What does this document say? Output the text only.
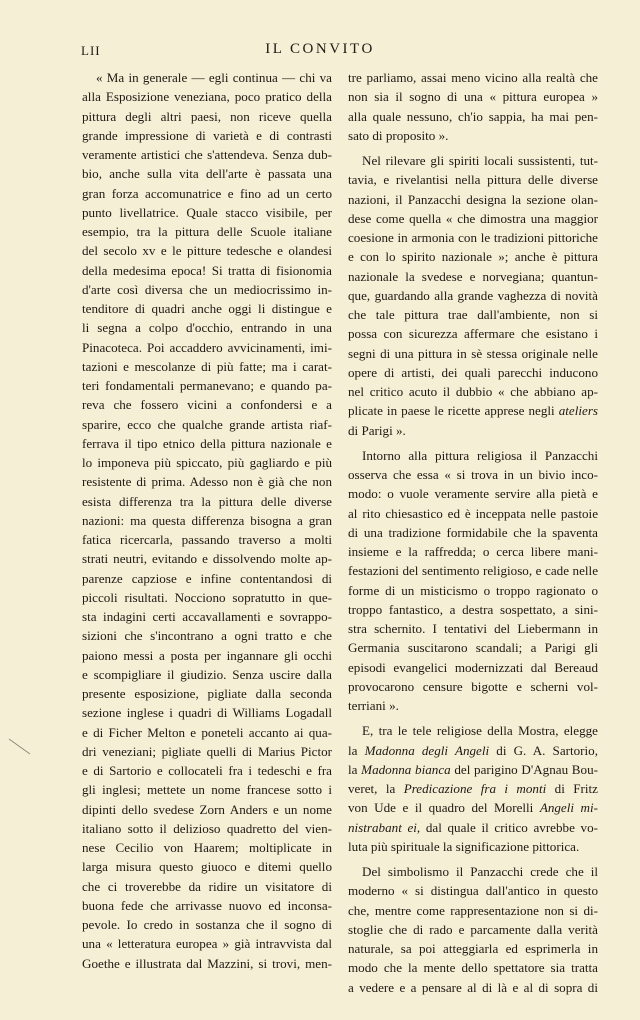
LII	IL CONVITO
« Ma in generale — egli continua — chi va
alla Esposizione veneziana, poco pratico della
pittura degli altri paesi, non riceve quella
grande impressione di varietà e di contrasti
veramente artistici che s'attendeva. Senza dub-
bio, anche sulla vita dell'arte è passata una
gran forza accomunatrice e fino ad un certo
punto livellatrice. Quale stacco visibile, per
esempio, tra la pittura delle Scuole italiane
del secolo xv e le pitture tedesche e olandesi
della medesima epoca! Si tratta di fisionomia
d'arte così diversa che un mediocrissimo in-
tenditore di quadri anche oggi li distingue e
li segna a colpo d'occhio, entrando in una
Pinacoteca. Poi accaddero avvicinamenti, imi-
tazioni e mescolanze di più fatte; ma i carat-
teri fondamentali permanevano; e quando pa-
reva che fossero vicini a confondersi e a
sparire, ecco che qualche grande artista riaf-
ferrava il tipo etnico della pittura nazionale e
lo imponeva più spiccato, più gagliardo e più
resistente di prima. Adesso non è già che non
esista differenza tra la pittura delle diverse
nazioni: ma questa differenza bisogna a gran
fatica ricercarla, passando traverso a molti
strati neutri, evitando e dissolvendo molte ap-
parenze capziose e infine contentandosi di
piccoli risultati. Nocciono sopratutto in que-
sta indagini certi accavallamenti e sovrappo-
sizioni che s'incontrano a ogni tratto e che
paiono messi a posta per ingannare gli occhi
e scompigliare il giudizio. Senza uscire dalla
presente esposizione, pigliate dalla seconda
sezione inglese i quadri di Williams Logadall
e di Ficher Melton e poneteli accanto ai qua-
dri veneziani; pigliate quelli di Marius Pictor
e di Sartorio e collocateli fra i tedeschi e fra
gli inglesi; mettete un nome francese sotto i
dipinti dello svedese Zorn Anders e un nome
italiano sotto il delizioso quadretto del vien-
nese Cecilio von Haarem; moltiplicate in
larga misura questo giuoco e ditemi quello
che ci troverebbe da ridire un visitatore di
buona fede che arrivasse nuovo ed inconsa-
pevole. Io credo in sostanza che il sogno di
una « letteratura europea » già intravvista dal
Goethe e illustrata dal Mazzini, si trovi, men-
tre parliamo, assai meno vicino alla realtà che
non sia il sogno di una « pittura europea »
alla quale nessuno, ch'io sappia, ha mai pen-
sato di proposito ».
Nel rilevare gli spiriti locali sussistenti, tut-
tavia, e rivelantisi nella pittura delle diverse
nazioni, il Panzacchi designa la sezione olan-
dese come quella « che dimostra una maggior
coesione in armonia con le tradizioni pittoriche
e con lo spirito nazionale »; anche è pittura
nazionale la svedese e norvegiana; quantun-
que, guardando alla grande vaghezza di novità
che tale pittura trae dall'ambiente, non si
possa con sicurezza affermare che esistano i
segni di una pittura in sè stessa originale nelle
opere di artisti, dei quali parecchi inducono
nel critico acuto il dubbio « che abbiano ap-
plicate in paese le ricette apprese negli ateliers
di Parigi ».
Intorno alla pittura religiosa il Panzacchi
osserva che essa « si trova in un bivio inco-
modo: o vuole veramente servire alla pietà e
al rito chiesastico ed è inceppata nelle pastoie
di una tradizione formidabile che la spaventa
insieme e la raffredda; o cerca libere mani-
festazioni del sentimento religioso, e cade nelle
forme di un misticismo o troppo ragionato o
troppo fantastico, a destra sospettato, a sini-
stra schernito. I tentativi del Liebermann in
Germania suscitarono scandali; a Parigi gli
episodi evangelici modernizzati dal Bereaud
provocarono censure bigotte e scherni vol-
terriani ».
E, tra le tele religiose della Mostra, elegge
la Madonna degli Angeli di G. A. Sartorio,
la Madonna bianca del parigino D'Agnau Bou-
veret, la Predicazione fra i monti di Fritz
von Ude e il quadro del Morelli Angeli mi-
nistrabant ei, dal quale il critico avrebbe vo-
luta più spirituale la significazione pittorica.
Del simbolismo il Panzacchi crede che il
moderno « si distingua dall'antico in questo
che, mentre come rappresentazione non si di-
stoglie che di rado e parcamente dalla verità
naturale, sa poi atteggiarla ed esprimerla in
modo che la mente dello spettatore sia tratta
a vedere e a pensare al di là e al di sopra di
